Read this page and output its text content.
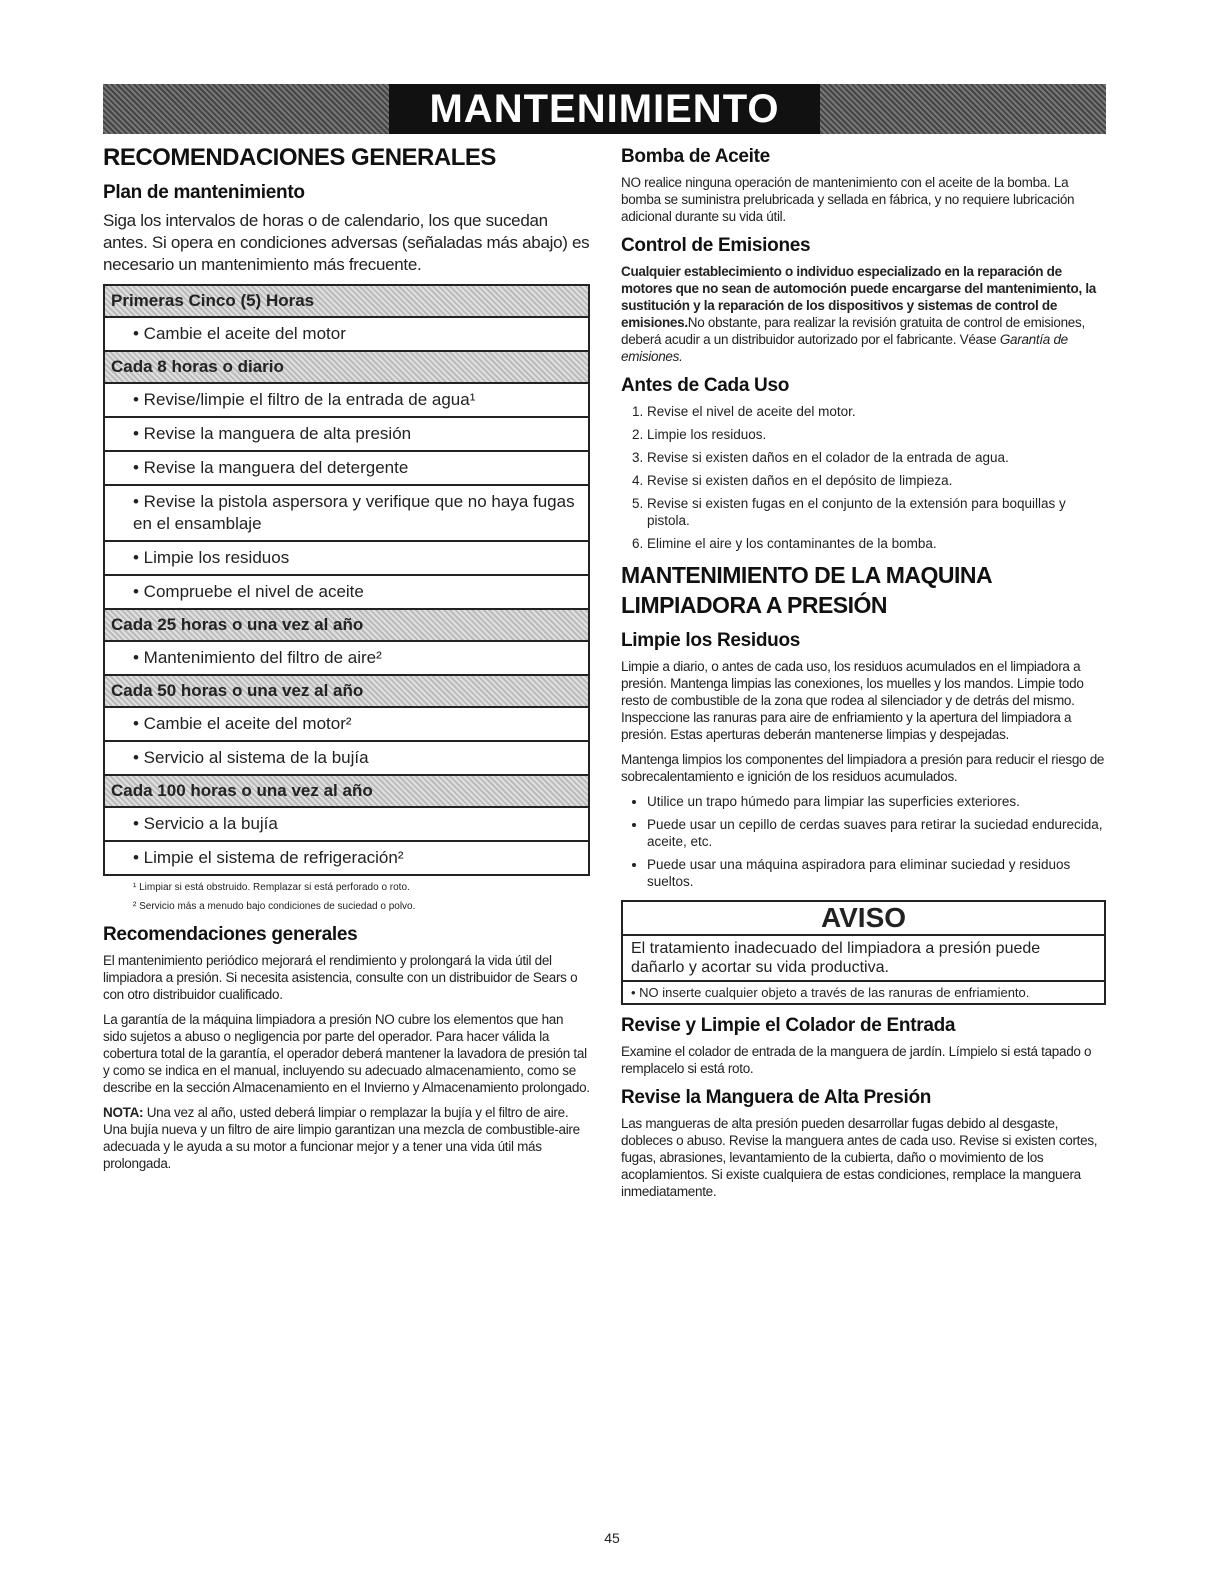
MANTENIMIENTO
RECOMENDACIONES GENERALES
Plan de mantenimiento

Siga los intervalos de horas o de calendario, los que sucedan antes. Si opera en condiciones adversas (señaladas más abajo) es necesario un mantenimiento más frecuente.

Primeras Cinco (5) Horas
• Cambie el aceite del motor
Cada 8 horas o diario
• Revise/limpie el filtro de la entrada de agua¹
• Revise la manguera de alta presión
• Revise la manguera del detergente
• Revise la pistola aspersora y verifique que no haya fugas en el ensamblaje
• Limpie los residuos
• Compruebe el nivel de aceite
Cada 25 horas o una vez al año
• Mantenimiento del filtro de aire²
Cada 50 horas o una vez al año
• Cambie el aceite del motor²
• Servicio al sistema de la bujía
Cada 100 horas o una vez al año
• Servicio a la bujía
• Limpie el sistema de refrigeración²
¹ Limpiar si está obstruido. Remplazar si está perforado o roto.
² Servicio más a menudo bajo condiciones de suciedad o polvo.
Recomendaciones generales

El mantenimiento periódico mejorará el rendimiento y prolongará la vida útil del limpiadora a presión. Si necesita asistencia, consulte con un distribuidor de Sears o con otro distribuidor cualificado.

La garantía de la máquina limpiadora a presión NO cubre los elementos que han sido sujetos a abuso o negligencia por parte del operador. Para hacer válida la cobertura total de la garantía, el operador deberá mantener la lavadora de presión tal y como se indica en el manual, incluyendo su adecuado almacenamiento, como se describe en la sección Almacenamiento en el Invierno y Almacenamiento prolongado.

NOTA: Una vez al año, usted deberá limpiar o remplazar la bujía y el filtro de aire. Una bujía nueva y un filtro de aire limpio garantizan una mezcla de combustible-aire adecuada y le ayuda a su motor a funcionar mejor y a tener una vida útil más prolongada.

Bomba de Aceite

NO realice ninguna operación de mantenimiento con el aceite de la bomba. La bomba se suministra prelubricada y sellada en fábrica, y no requiere lubricación adicional durante su vida útil.

Control de Emisiones

Cualquier establecimiento o individuo especializado en la reparación de motores que no sean de automoción puede encargarse del mantenimiento, la sustitución y la reparación de los dispositivos y sistemas de control de emisiones.No obstante, para realizar la revisión gratuita de control de emisiones, deberá acudir a un distribuidor autorizado por el fabricante. Véase Garantía de emisiones.

Antes de Cada Uso
1. Revise el nivel de aceite del motor.
2. Limpie los residuos.
3. Revise si existen daños en el colador de la entrada de agua.
4. Revise si existen daños en el depósito de limpieza.
5. Revise si existen fugas en el conjunto de la extensión para boquillas y pistola.
6. Elimine el aire y los contaminantes de la bomba.
MANTENIMIENTO DE LA MAQUINA LIMPIADORA A PRESIÓN
Limpie los Residuos

Limpie a diario, o antes de cada uso, los residuos acumulados en el limpiadora a presión. Mantenga limpias las conexiones, los muelles y los mandos. Limpie todo resto de combustible de la zona que rodea al silenciador y de detrás del mismo. Inspeccione las ranuras para aire de enfriamiento y la apertura del limpiadora a presión. Estas aperturas deberán mantenerse limpias y despejadas.

Mantenga limpios los componentes del limpiadora a presión para reducir el riesgo de sobrecalentamiento e ignición de los residuos acumulados.

• Utilice un trapo húmedo para limpiar las superficies exteriores.
• Puede usar un cepillo de cerdas suaves para retirar la suciedad endurecida, aceite, etc.
• Puede usar una máquina aspiradora para eliminar suciedad y residuos sueltos.
AVISO
El tratamiento inadecuado del limpiadora a presión puede dañarlo y acortar su vida productiva.
• NO inserte cualquier objeto a través de las ranuras de enfriamiento.
Revise y Limpie el Colador de Entrada

Examine el colador de entrada de la manguera de jardín. Límpielo si está tapado o remplacelo si está roto.

Revise la Manguera de Alta Presión

Las mangueras de alta presión pueden desarrollar fugas debido al desgaste, dobleces o abuso. Revise la manguera antes de cada uso. Revise si existen cortes, fugas, abrasiones, levantamiento de la cubierta, daño o movimiento de los acoplamientos. Si existe cualquiera de estas condiciones, remplace la manguera inmediatamente.

45
